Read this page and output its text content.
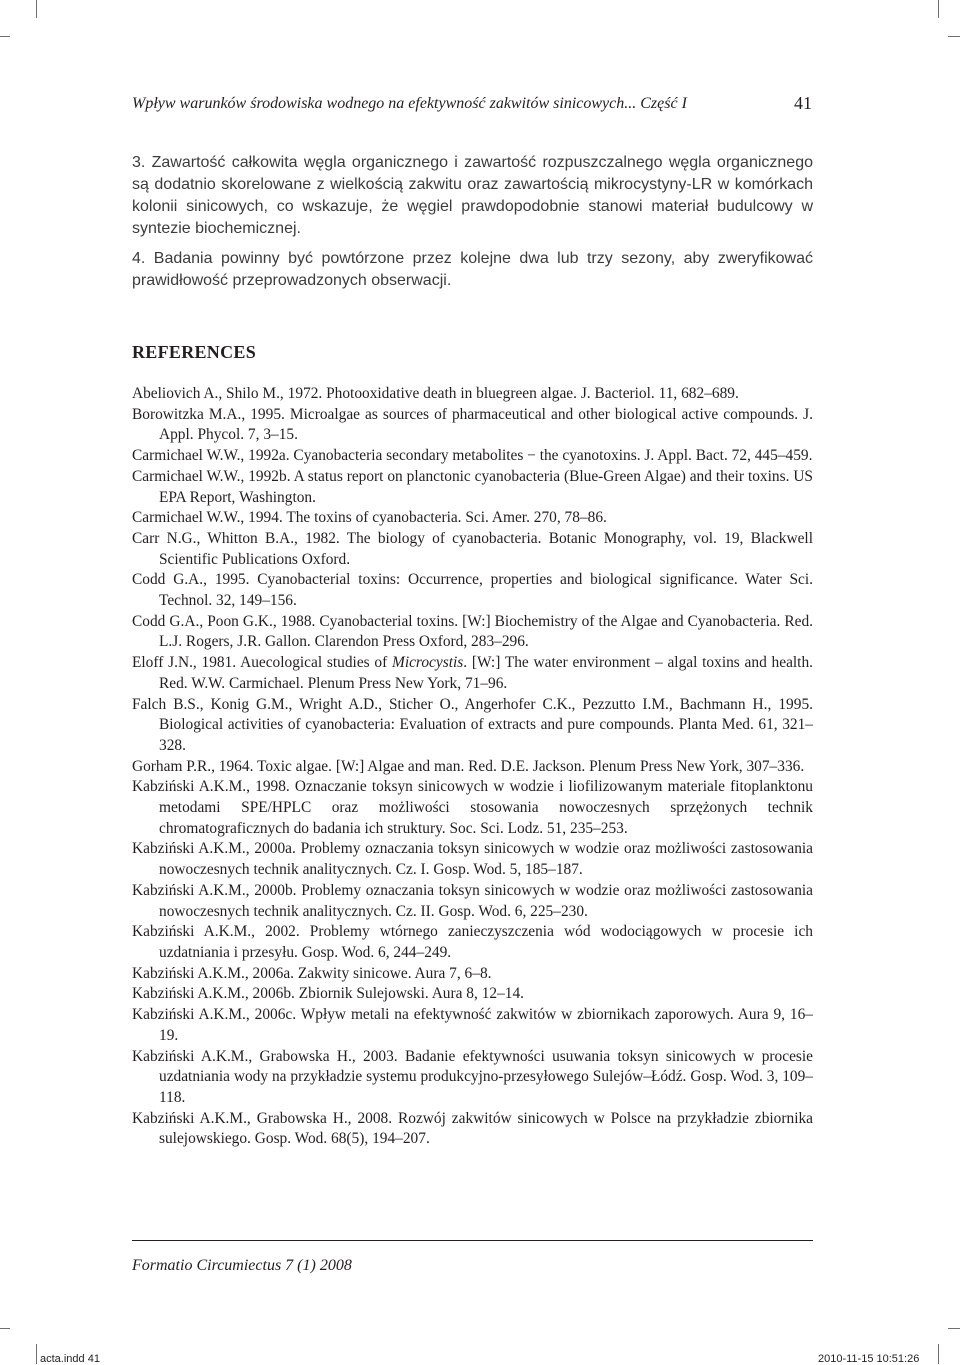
Wpływ warunków środowiska wodnego na efektywność zakwitów sinicowych... Część I	41
3. Zawartość całkowita węgla organicznego i zawartość rozpuszczalnego węgla organicznego są dodatnio skorelowane z wielkością zakwitu oraz zawartością mikrocystyny-LR w komórkach kolonii sinicowych, co wskazuje, że węgiel prawdopodobnie stanowi materiał budulcowy w syntezie biochemicznej.
4. Badania powinny być powtórzone przez kolejne dwa lub trzy sezony, aby zweryfikować prawidłowość przeprowadzonych obserwacji.
REFERENCES
Abeliovich A., Shilo M., 1972. Photooxidative death in bluegreen algae. J. Bacteriol. 11, 682–689.
Borowitzka M.A., 1995. Microalgae as sources of pharmaceutical and other biological active compounds. J. Appl. Phycol. 7, 3–15.
Carmichael W.W., 1992a. Cyanobacteria secondary metabolites − the cyanotoxins. J. Appl. Bact. 72, 445–459.
Carmichael W.W., 1992b. A status report on planctonic cyanobacteria (Blue-Green Algae) and their toxins. US EPA Report, Washington.
Carmichael W.W., 1994. The toxins of cyanobacteria. Sci. Amer. 270, 78–86.
Carr N.G., Whitton B.A., 1982. The biology of cyanobacteria. Botanic Monography, vol. 19, Blackwell Scientific Publications Oxford.
Codd G.A., 1995. Cyanobacterial toxins: Occurrence, properties and biological significance. Water Sci. Technol. 32, 149–156.
Codd G.A., Poon G.K., 1988. Cyanobacterial toxins. [W:] Biochemistry of the Algae and Cyanobacteria. Red. L.J. Rogers, J.R. Gallon. Clarendon Press Oxford, 283–296.
Eloff J.N., 1981. Auecological studies of Microcystis. [W:] The water environment – algal toxins and health. Red. W.W. Carmichael. Plenum Press New York, 71–96.
Falch B.S., Konig G.M., Wright A.D., Sticher O., Angerhofer C.K., Pezzutto I.M., Bachmann H., 1995. Biological activities of cyanobacteria: Evaluation of extracts and pure compounds. Planta Med. 61, 321–328.
Gorham P.R., 1964. Toxic algae. [W:] Algae and man. Red. D.E. Jackson. Plenum Press New York, 307–336.
Kabziński A.K.M., 1998. Oznaczanie toksyn sinicowych w wodzie i liofilizowanym materiale fitoplanktonu metodami SPE/HPLC oraz możliwości stosowania nowoczesnych sprzężonych technik chromatograficznych do badania ich struktury. Soc. Sci. Lodz. 51, 235–253.
Kabziński A.K.M., 2000a. Problemy oznaczania toksyn sinicowych w wodzie oraz możliwości zastosowania nowoczesnych technik analitycznych. Cz. I. Gosp. Wod. 5, 185–187.
Kabziński A.K.M., 2000b. Problemy oznaczania toksyn sinicowych w wodzie oraz możliwości zastosowania nowoczesnych technik analitycznych. Cz. II. Gosp. Wod. 6, 225–230.
Kabziński A.K.M., 2002. Problemy wtórnego zanieczyszczenia wód wodociągowych w procesie ich uzdatniania i przesyłu. Gosp. Wod. 6, 244–249.
Kabziński A.K.M., 2006a. Zakwity sinicowe. Aura 7, 6–8.
Kabziński A.K.M., 2006b. Zbiornik Sulejowski. Aura 8, 12–14.
Kabziński A.K.M., 2006c. Wpływ metali na efektywność zakwitów w zbiornikach zaporowych. Aura 9, 16–19.
Kabziński A.K.M., Grabowska H., 2003. Badanie efektywności usuwania toksyn sinicowych w procesie uzdatniania wody na przykładzie systemu produkcyjno-przesyłowego Sulejów–Łódź. Gosp. Wod. 3, 109–118.
Kabziński A.K.M., Grabowska H., 2008. Rozwój zakwitów sinicowych w Polsce na przykładzie zbiornika sulejowskiego. Gosp. Wod. 68(5), 194–207.
Formatio Circumiectus 7 (1) 2008
acta.indd 41	2010-11-15 10:51:26
